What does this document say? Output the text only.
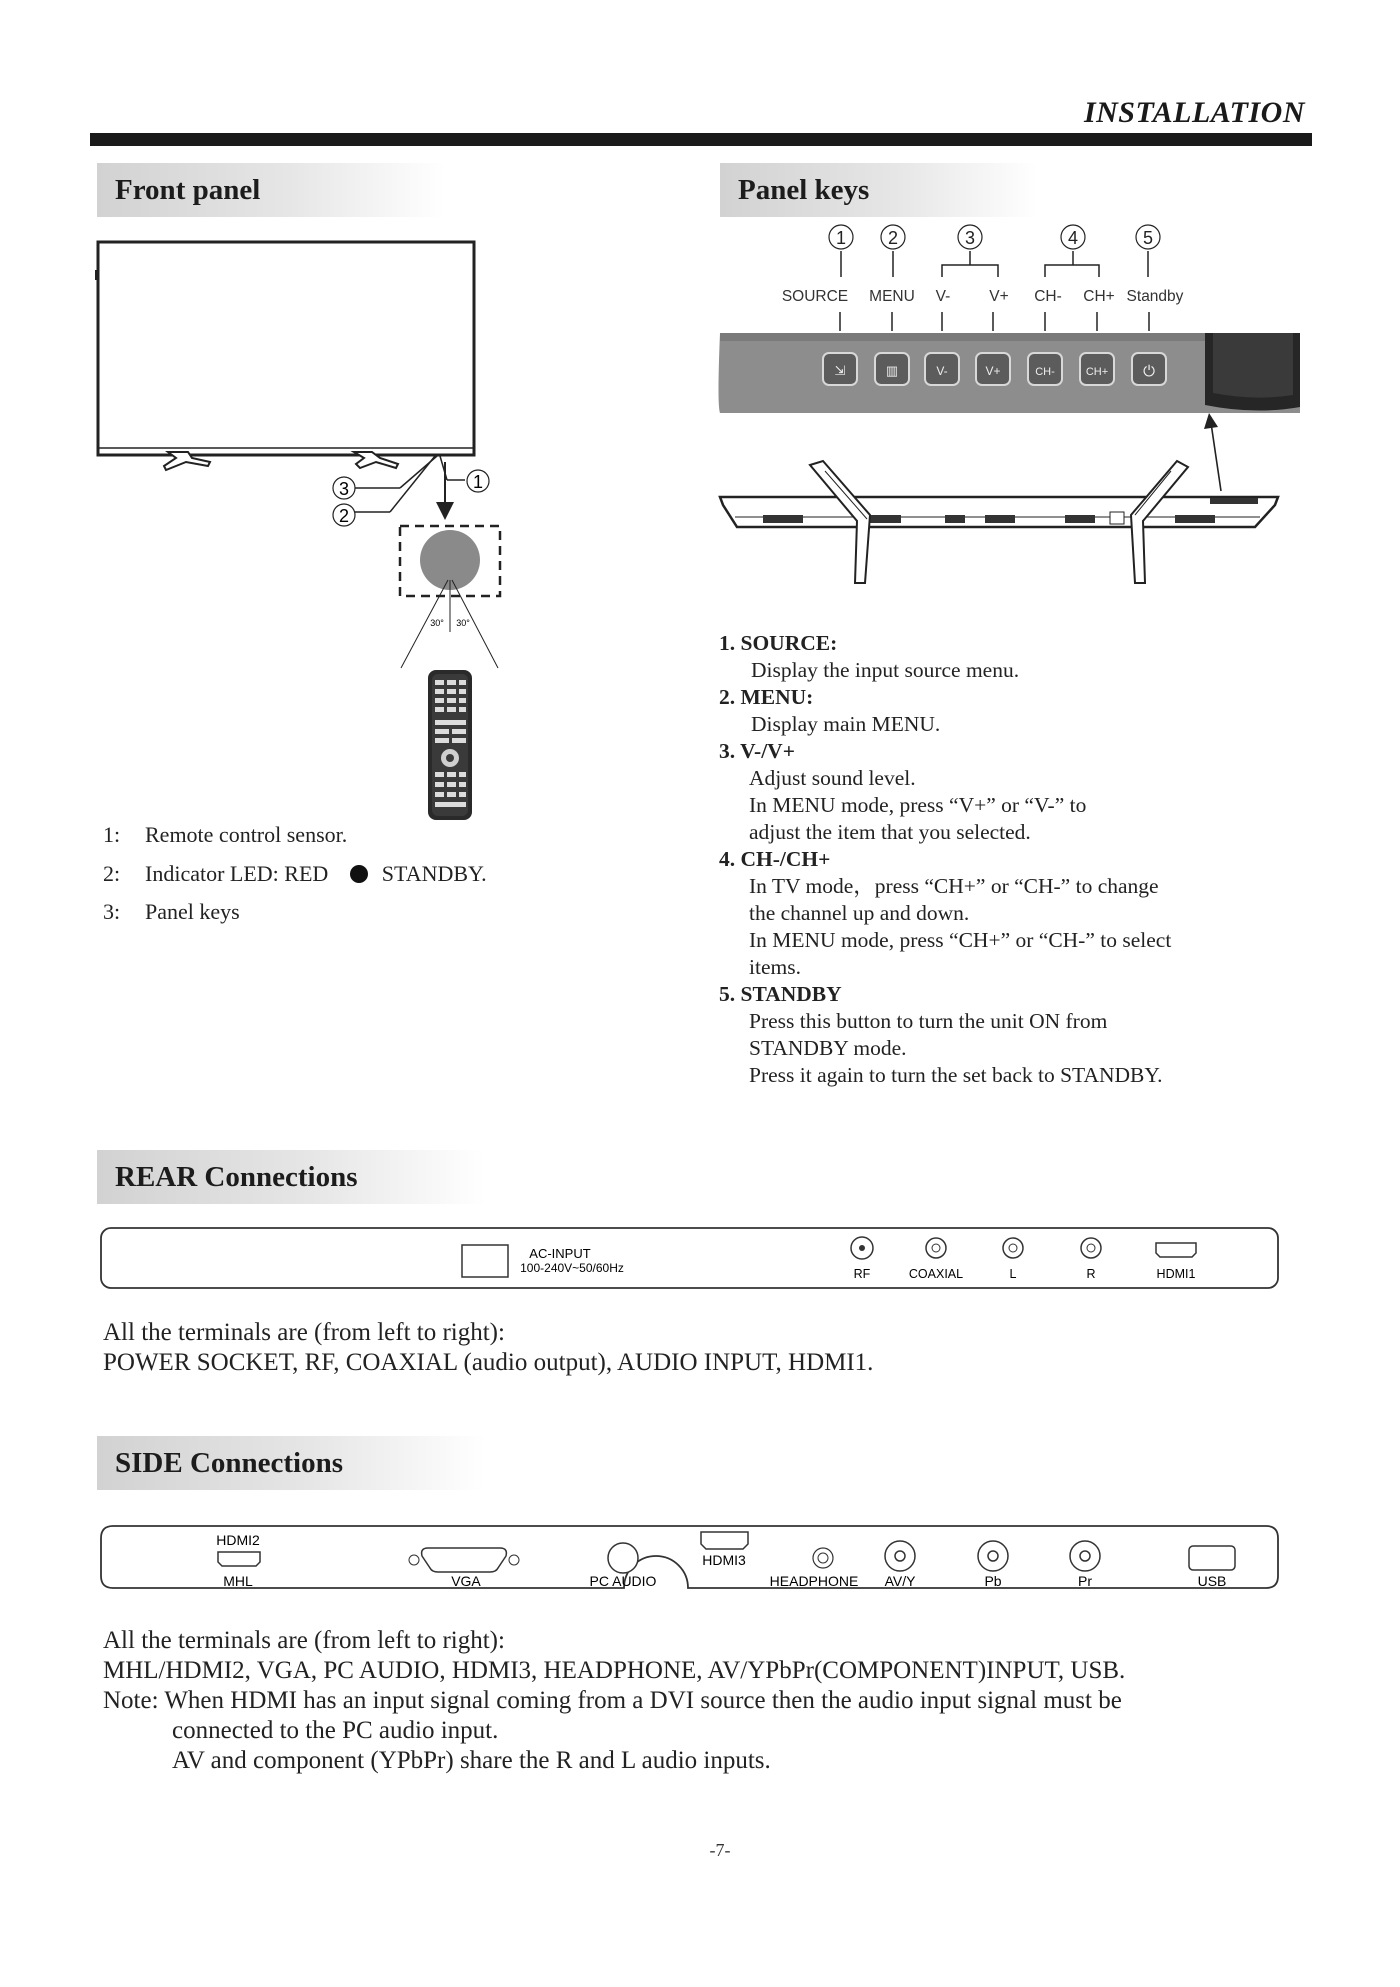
INSTALLATION
Front panel
1
3
2
30° 30°
1: Remote control sensor.
2: Indicator LED: RED STANDBY.
3: Panel keys
Panel keys
1 2	3	4	5
SOURCE MENU V-	V+ CH- CH+ Standby
⇲	▥	V-	V+	CH-	CH+ ⏻
1. SOURCE:
Display the input source menu.
2. MENU:
Display main MENU.
3. V-/V+
Adjust sound level.
In MENU mode, press “V+” or “V-” to
adjust the item that you selected.
4. CH-/CH+
In TV mode，press “CH+” or “CH-” to change
the channel up and down.
In MENU mode, press “CH+” or “CH-” to select
items.
5. STANDBY
Press this button to turn the unit ON from
STANDBY mode.
Press it again to turn the set back to STANDBY.
REAR Connections
AC-INPUT
100-240V~50/60Hz	RF	COAXIAL	L	R	HDMI1
All the terminals are (from left to right):
POWER SOCKET, RF, COAXIAL (audio output), AUDIO INPUT, HDMI1.
SIDE Connections
HDMI2
MHL	VGA	PC AUDIO
HDMI3
HEADPHONE AV/Y	Pb	Pr	USB
All the terminals are (from left to right):
MHL/HDMI2, VGA, PC AUDIO, HDMI3, HEADPHONE, AV/YPbPr(COMPONENT)INPUT, USB.
Note: When HDMI has an input signal coming from a DVI source then the audio input signal must be
connected to the PC audio input.
AV and component (YPbPr) share the R and L audio inputs.
-7-
